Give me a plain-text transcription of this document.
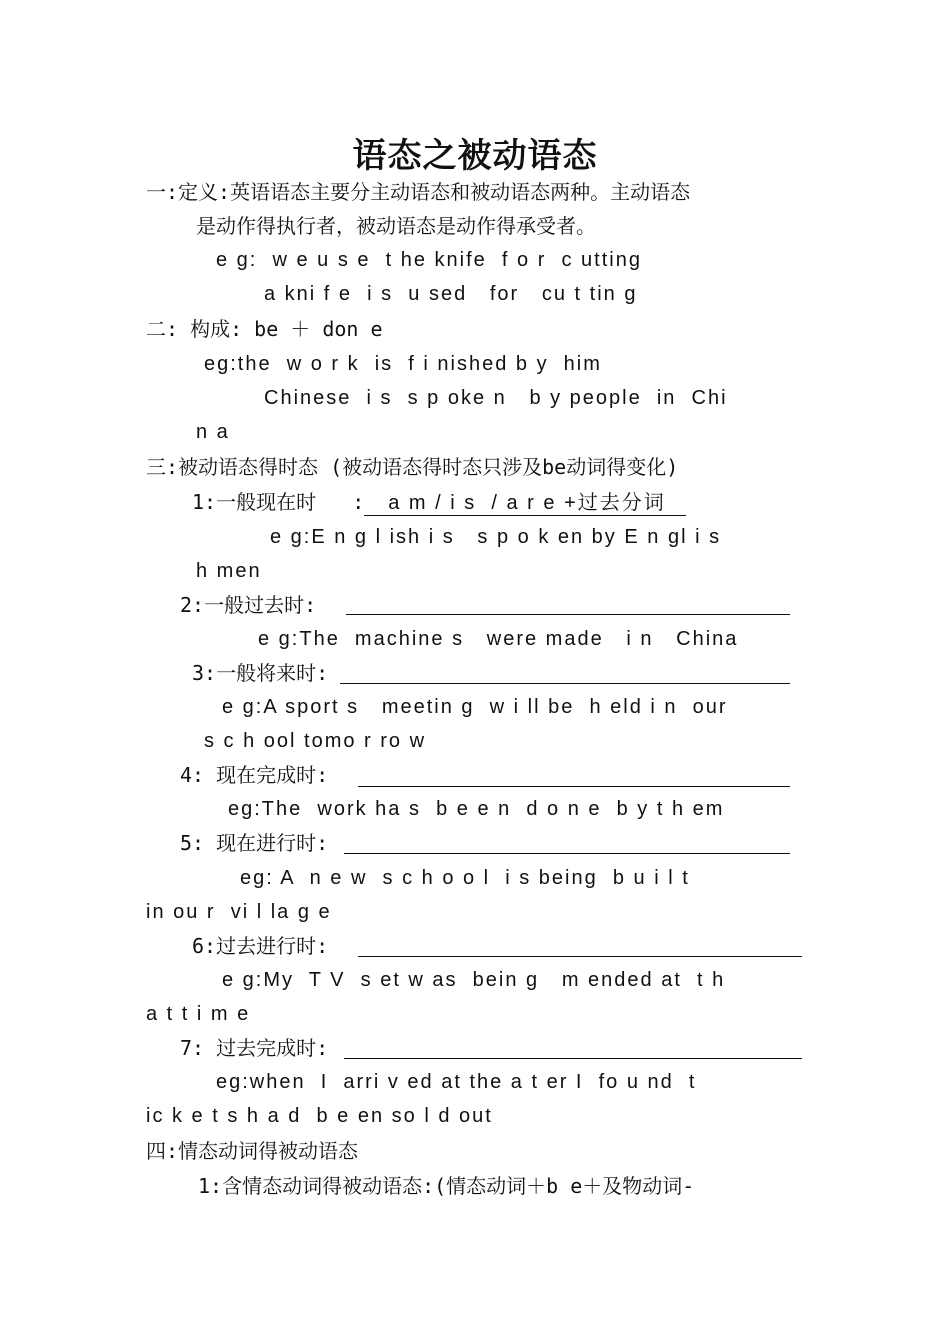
语态之被动语态
一:定义:英语语态主要分主动语态和被动语态两种。主动语态
是动作得执行者，被动语态是动作得承受者。
e g:  w e u s e  t he knife  f o r  c utting
a kni f e  i s  u sed   for   cu t tin g
二: 构成: be ＋ don e
eg:the  w o r k  is  f i nished b y  him
Chinese  i s  s p oke n   b y people  in  Chi
n a
三:被动语态得时态 (被动语态得时态只涉及be动词得变化)
1:一般现在时   : a m / i s  / a r e +过去分词
e g:E n g l ish i s   s p o k en by E n gl i s
h men
2:一般过去时:
e g:The  machine s   were made   i n   China
3:一般将来时:
e g:A sport s   meetin g  w i ll be  h eld i n  our
s c h ool tomo r ro w
4: 现在完成时:
eg:The  work ha s  b e e n  d o n e  b y t h em
5: 现在进行时:
eg: A  n e w  s c h o o l  i s being  b u i l t
in ou r  vi l la g e
6:过去进行时:
e g:My  T V  s et w as  bein g   m ended at  t h
a t t i m e
7: 过去完成时:
eg:when  I  arri v ed at the a t er I  fo u nd  t
ic k e t s h a d  b e en so l d out
四:情态动词得被动语态
1:含情态动词得被动语态:(情态动词＋b e＋及物动词-
